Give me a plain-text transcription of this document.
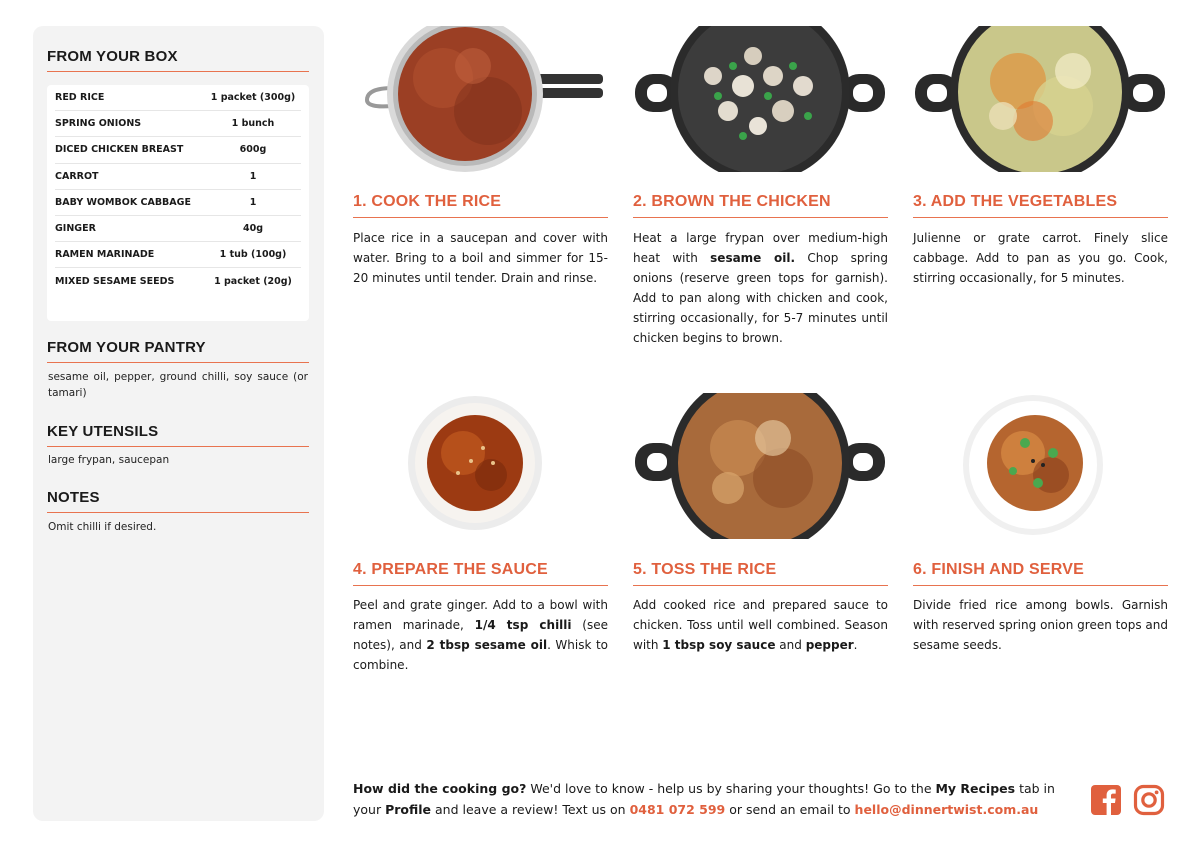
FROM YOUR BOX
RED RICE	1 packet (300g)
SPRING ONIONS	1 bunch
DICED CHICKEN BREAST	600g
CARROT	1
BABY WOMBOK CABBAGE	1
GINGER	40g
RAMEN MARINADE	1 tub (100g)
MIXED SESAME SEEDS	1 packet (20g)
FROM YOUR PANTRY
sesame oil, pepper, ground chilli, soy sauce (or tamari)
KEY UTENSILS
large frypan, saucepan
NOTES
Omit chilli if desired.
1. COOK THE RICE
Place rice in a saucepan and cover with water. Bring to a boil and simmer for 15-20 minutes until tender. Drain and rinse.
2. BROWN THE CHICKEN
Heat a large frypan over medium-high heat with sesame oil. Chop spring onions (reserve green tops for garnish). Add to pan along with chicken and cook, stirring occasionally, for 5-7 minutes until chicken begins to brown.
3. ADD THE VEGETABLES
Julienne or grate carrot. Finely slice cabbage. Add to pan as you go. Cook, stirring occasionally, for 5 minutes.
4. PREPARE THE SAUCE
Peel and grate ginger. Add to a bowl with ramen marinade, 1/4 tsp chilli (see notes), and 2 tbsp sesame oil. Whisk to combine.
5. TOSS THE RICE
Add cooked rice and prepared sauce to chicken. Toss until well combined. Season with 1 tbsp soy sauce and pepper.
6. FINISH AND SERVE
Divide fried rice among bowls. Garnish with reserved spring onion green tops and sesame seeds.
How did the cooking go? We'd love to know - help us by sharing your thoughts! Go to the My Recipes tab in your Profile and leave a review! Text us on 0481 072 599 or send an email to hello@dinnertwist.com.au
